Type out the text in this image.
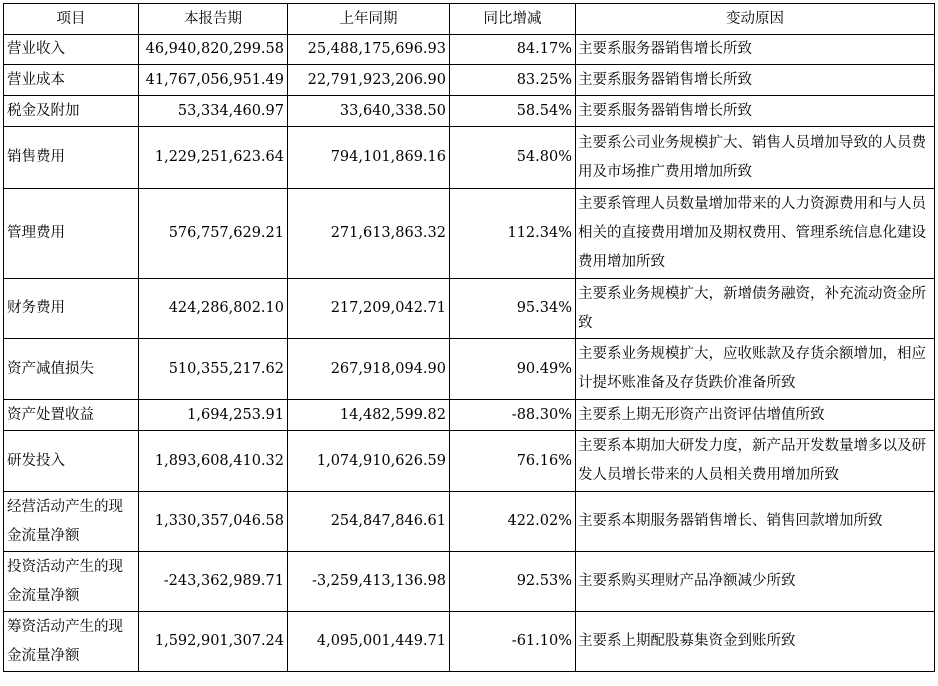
项目	本报告期	上年同期	同比增减	变动原因
营业收入	46,940,820,299.58	25,488,175,696.93	84.17%	主要系服务器销售增长所致
营业成本	41,767,056,951.49	22,791,923,206.90	83.25%	主要系服务器销售增长所致
税金及附加	53,334,460.97	33,640,338.50	58.54%	主要系服务器销售增长所致
销售费用	1,229,251,623.64	794,101,869.16	54.80%	主要系公司业务规模扩大、销售人员增加导致的人员费用及市场推广费用增加所致
管理费用	576,757,629.21	271,613,863.32	112.34%	主要系管理人员数量增加带来的人力资源费用和与人员相关的直接费用增加及期权费用、管理系统信息化建设费用增加所致
财务费用	424,286,802.10	217,209,042.71	95.34%	主要系业务规模扩大，新增债务融资，补充流动资金所致
资产减值损失	510,355,217.62	267,918,094.90	90.49%	主要系业务规模扩大，应收账款及存货余额增加，相应计提坏账准备及存货跌价准备所致
资产处置收益	1,694,253.91	14,482,599.82	-88.30%	主要系上期无形资产出资评估增值所致
研发投入	1,893,608,410.32	1,074,910,626.59	76.16%	主要系本期加大研发力度，新产品开发数量增多以及研发人员增长带来的人员相关费用增加所致
经营活动产生的现金流量净额	1,330,357,046.58	254,847,846.61	422.02%	主要系本期服务器销售增长、销售回款增加所致
投资活动产生的现金流量净额	-243,362,989.71	-3,259,413,136.98	92.53%	主要系购买理财产品净额减少所致
筹资活动产生的现金流量净额	1,592,901,307.24	4,095,001,449.71	-61.10%	主要系上期配股募集资金到账所致
